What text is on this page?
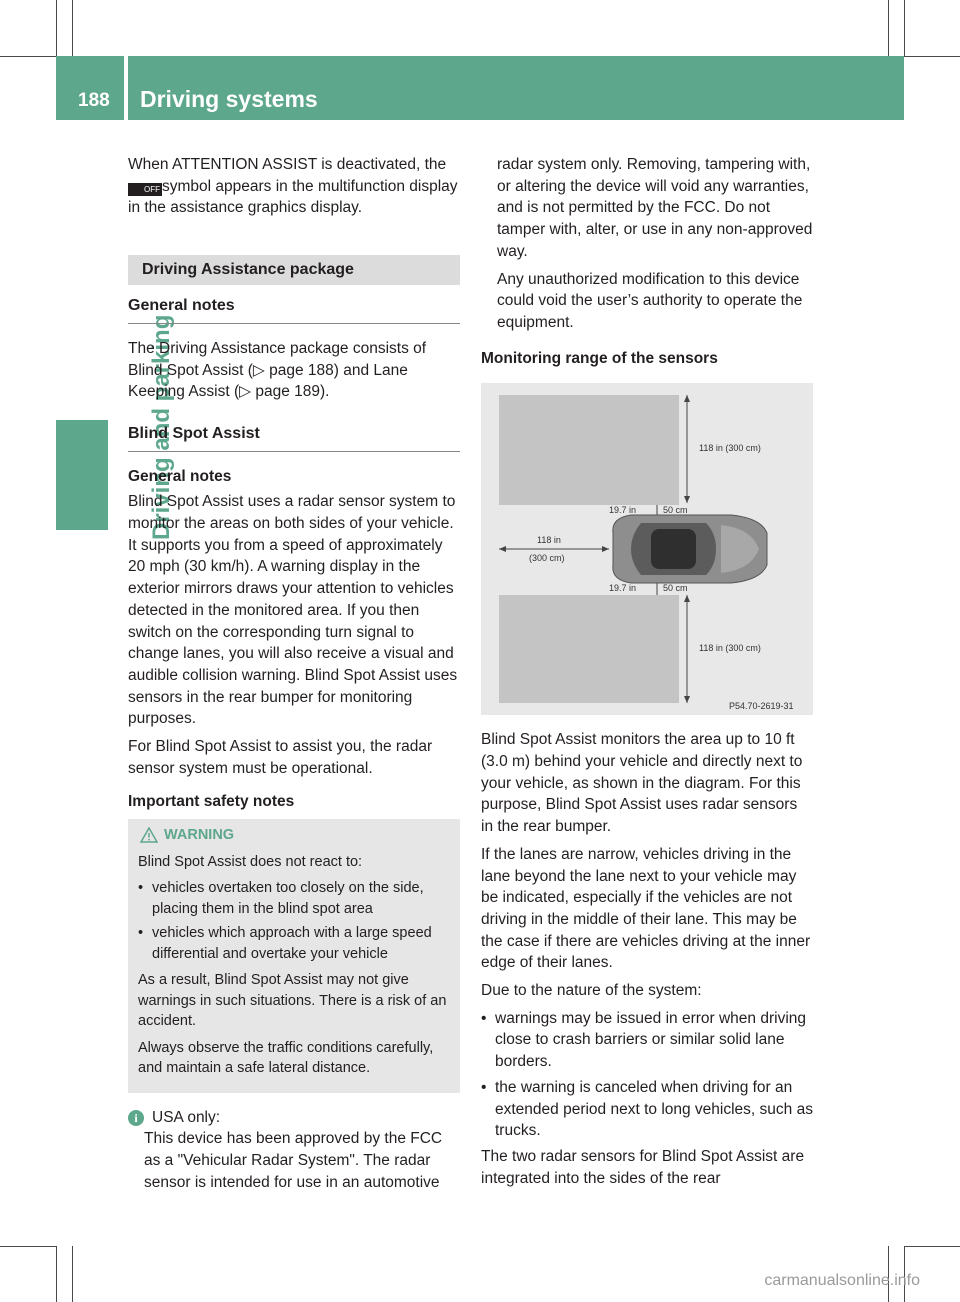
188 Driving systems
Driving and parking

When ATTENTION ASSIST is deactivated, the OFF symbol appears in the multifunction display in the assistance graphics display.

Driving Assistance package
General notes

The Driving Assistance package consists of Blind Spot Assist (▷ page 188) and Lane Keeping Assist (▷ page 189).

Blind Spot Assist
General notes

Blind Spot Assist uses a radar sensor system to monitor the areas on both sides of your vehicle. It supports you from a speed of approximately 20 mph (30 km/h). A warning display in the exterior mirrors draws your attention to vehicles detected in the monitored area. If you then switch on the corresponding turn signal to change lanes, you will also receive a visual and audible collision warning. Blind Spot Assist uses sensors in the rear bumper for monitoring purposes.

For Blind Spot Assist to assist you, the radar sensor system must be operational.

Important safety notes
WARNING

Blind Spot Assist does not react to:

• vehicles overtaken too closely on the side, placing them in the blind spot area
• vehicles which approach with a large speed differential and overtake your vehicle

As a result, Blind Spot Assist may not give warnings in such situations. There is a risk of an accident.

Always observe the traffic conditions carefully, and maintain a safe lateral distance.

i USA only:

This device has been approved by the FCC as a "Vehicular Radar System". The radar sensor is intended for use in an automotive

radar system only. Removing, tampering with, or altering the device will void any warranties, and is not permitted by the FCC. Do not tamper with, alter, or use in any non-approved way.

Any unauthorized modification to this device could void the user’s authority to operate the equipment.

Monitoring range of the sensors
118 in (300 cm)
19.7 in	50 cm
118 in
(300 cm)
19.7 in	50 cm
118 in (300 cm)
P54.70-2619-31

Blind Spot Assist monitors the area up to 10 ft (3.0 m) behind your vehicle and directly next to your vehicle, as shown in the diagram. For this purpose, Blind Spot Assist uses radar sensors in the rear bumper.

If the lanes are narrow, vehicles driving in the lane beyond the lane next to your vehicle may be indicated, especially if the vehicles are not driving in the middle of their lane. This may be the case if there are vehicles driving at the inner edge of their lanes.

Due to the nature of the system:

• warnings may be issued in error when driving close to crash barriers or similar solid lane borders.
• the warning is canceled when driving for an extended period next to long vehicles, such as trucks.

The two radar sensors for Blind Spot Assist are integrated into the sides of the rear

carmanualsonline.info
